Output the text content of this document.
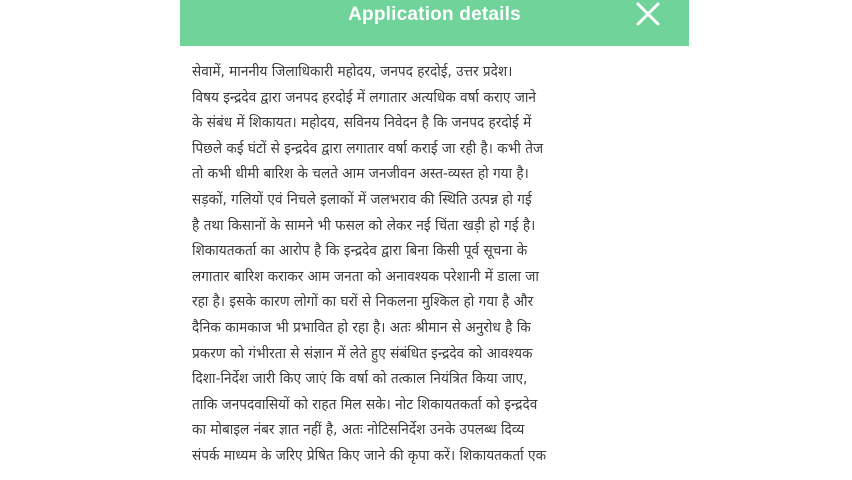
Application details
सेवामें, माननीय जिलाधिकारी महोदय, जनपद हरदोई, उत्तर प्रदेश।
विषय इन्द्रदेव द्वारा जनपद हरदोई में लगातार अत्यधिक वर्षा कराए जाने
के संबंध में शिकायत। महोदय, सविनय निवेदन है कि जनपद हरदोई में
पिछले कई घंटों से इन्द्रदेव द्वारा लगातार वर्षा कराई जा रही है। कभी तेज
तो कभी धीमी बारिश के चलते आम जनजीवन अस्त-व्यस्त हो गया है।
सड़कों, गलियों एवं निचले इलाकों में जलभराव की स्थिति उत्पन्न हो गई
है तथा किसानों के सामने भी फसल को लेकर नई चिंता खड़ी हो गई है।
शिकायतकर्ता का आरोप है कि इन्द्रदेव द्वारा बिना किसी पूर्व सूचना के
लगातार बारिश कराकर आम जनता को अनावश्यक परेशानी में डाला जा
रहा है। इसके कारण लोगों का घरों से निकलना मुश्किल हो गया है और
दैनिक कामकाज भी प्रभावित हो रहा है। अतः श्रीमान से अनुरोध है कि
प्रकरण को गंभीरता से संज्ञान में लेते हुए संबंधित इन्द्रदेव को आवश्यक
दिशा-निर्देश जारी किए जाएं कि वर्षा को तत्काल नियंत्रित किया जाए,
ताकि जनपदवासियों को राहत मिल सके। नोट शिकायतकर्ता को इन्द्रदेव
का मोबाइल नंबर ज्ञात नहीं है, अतः नोटिसनिर्देश उनके उपलब्ध दिव्य
संपर्क माध्यम के जरिए प्रेषित किए जाने की कृपा करें। शिकायतकर्ता एक
